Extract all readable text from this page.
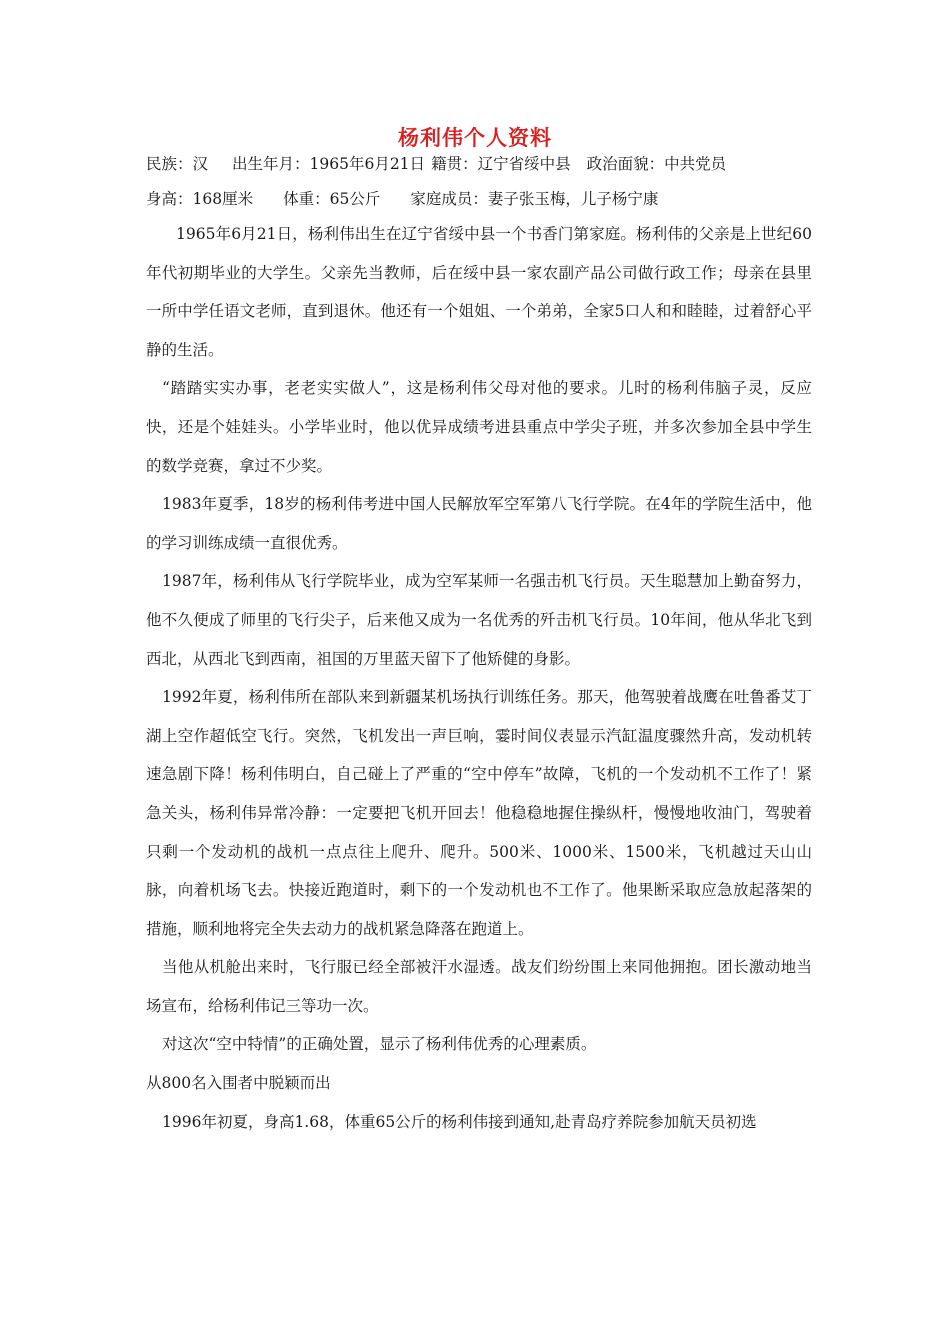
杨利伟个人资料
民族：汉 出生年月：1965年6月21日 籍贯：辽宁省绥中县 政治面貌：中共党员
身高：168厘米 体重：65公斤 家庭成员：妻子张玉梅，儿子杨宁康

1965年6月21日，杨利伟出生在辽宁省绥中县一个书香门第家庭。杨利伟的父亲是上世纪60年代初期毕业的大学生。父亲先当教师，后在绥中县一家农副产品公司做行政工作；母亲在县里一所中学任语文老师，直到退休。他还有一个姐姐、一个弟弟，全家5口人和和睦睦，过着舒心平静的生活。

“踏踏实实办事，老老实实做人”，这是杨利伟父母对他的要求。儿时的杨利伟脑子灵，反应快，还是个娃娃头。小学毕业时，他以优异成绩考进县重点中学尖子班，并多次参加全县中学生的数学竞赛，拿过不少奖。

1983年夏季，18岁的杨利伟考进中国人民解放军空军第八飞行学院。在4年的学院生活中，他的学习训练成绩一直很优秀。

1987年，杨利伟从飞行学院毕业，成为空军某师一名强击机飞行员。天生聪慧加上勤奋努力，他不久便成了师里的飞行尖子，后来他又成为一名优秀的歼击机飞行员。10年间，他从华北飞到西北，从西北飞到西南，祖国的万里蓝天留下了他矫健的身影。

1992年夏，杨利伟所在部队来到新疆某机场执行训练任务。那天，他驾驶着战鹰在吐鲁番艾丁湖上空作超低空飞行。突然，飞机发出一声巨响，霎时间仪表显示汽缸温度骤然升高，发动机转速急剧下降！杨利伟明白，自己碰上了严重的“空中停车”故障，飞机的一个发动机不工作了！紧急关头，杨利伟异常冷静：一定要把飞机开回去！他稳稳地握住操纵杆，慢慢地收油门，驾驶着只剩一个发动机的战机一点点往上爬升、爬升。500米、1000米、1500米，飞机越过天山山脉，向着机场飞去。快接近跑道时，剩下的一个发动机也不工作了。他果断采取应急放起落架的措施，顺利地将完全失去动力的战机紧急降落在跑道上。

当他从机舱出来时，飞行服已经全部被汗水湿透。战友们纷纷围上来同他拥抱。团长激动地当场宣布，给杨利伟记三等功一次。

对这次“空中特情”的正确处置，显示了杨利伟优秀的心理素质。

从800名入围者中脱颖而出

1996年初夏，身高1.68，体重65公斤的杨利伟接到通知,赴青岛疗养院参加航天员初选
